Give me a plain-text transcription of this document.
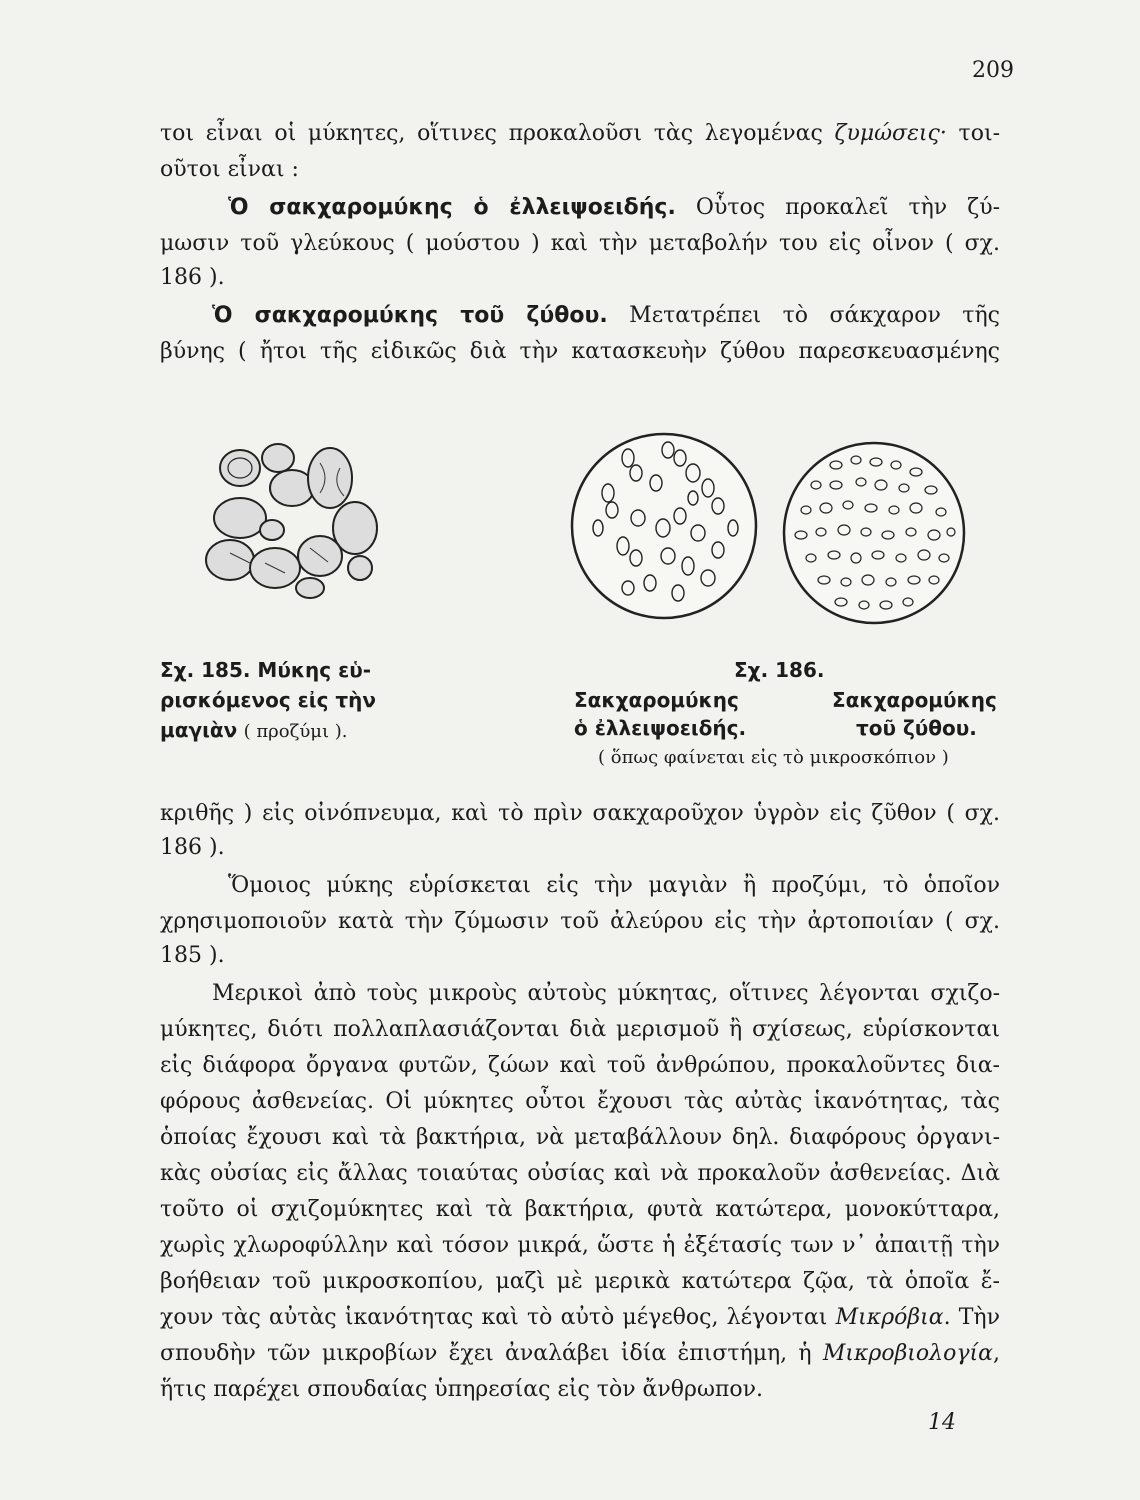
209
τοι εἶναι οἱ μύκητες, οἵτινες προκαλοῦσι τὰς λεγομένας ζυμώσεις· τοι-
οῦτοι εἶναι :
Ὁ σακχαρομύκης ὁ ἐλλειψοειδής. Οὗτος προκαλεῖ τὴν ζύ-
μωσιν τοῦ γλεύκους ( μούστου ) καὶ τὴν μεταβολήν του εἰς οἶνον ( σχ.
186 ).
Ὁ σακχαρομύκης τοῦ ζύθου. Μετατρέπει τὸ σάκχαρον τῆς
βύνης ( ἤτοι τῆς εἰδικῶς διὰ τὴν κατασκευὴν ζύθου παρεσκευασμένης
Σχ. 185. Μύκης εὑ-
ρισκόμενος εἰς τὴν
μαγιὰν ( προζύμι ).
Σχ. 186.
Σακχαρομύκης
ὁ ἐλλειψοειδής.
Σακχαρομύκης
τοῦ ζύθου.
( ὅπως φαίνεται εἰς τὸ μικροσκόπιον )
κριθῆς ) εἰς οἰνόπνευμα, καὶ τὸ πρὶν σακχαροῦχον ὑγρὸν εἰς ζῦθον ( σχ.
186 ).
Ὅμοιος μύκης εὑρίσκεται εἰς τὴν μαγιὰν ἢ προζύμι, τὸ ὁποῖον
χρησιμοποιοῦν κατὰ τὴν ζύμωσιν τοῦ ἀλεύρου εἰς τὴν ἀρτοποιίαν ( σχ.
185 ).
Μερικοὶ ἀπὸ τοὺς μικροὺς αὐτοὺς μύκητας, οἵτινες λέγονται σχιζο-
μύκητες, διότι πολλαπλασιάζονται διὰ μερισμοῦ ἢ σχίσεως, εὑρίσκονται
εἰς διάφορα ὄργανα φυτῶν, ζώων καὶ τοῦ ἀνθρώπου, προκαλοῦντες δια-
φόρους ἀσθενείας. Οἱ μύκητες οὗτοι ἔχουσι τὰς αὐτὰς ἱκανότητας, τὰς
ὁποίας ἔχουσι καὶ τὰ βακτήρια, νὰ μεταβάλλουν δηλ. διαφόρους ὀργανι-
κὰς οὐσίας εἰς ἄλλας τοιαύτας οὐσίας καὶ νὰ προκαλοῦν ἀσθενείας. Διὰ
τοῦτο οἱ σχιζομύκητες καὶ τὰ βακτήρια, φυτὰ κατώτερα, μονοκύτταρα,
χωρὶς χλωροφύλλην καὶ τόσον μικρά, ὥστε ἡ ἐξέτασίς των ν᾽ ἀπαιτῇ τὴν
βοήθειαν τοῦ μικροσκοπίου, μαζὶ μὲ μερικὰ κατώτερα ζῷα, τὰ ὁποῖα ἔ-
χουν τὰς αὐτὰς ἱκανότητας καὶ τὸ αὐτὸ μέγεθος, λέγονται Μικρόβια. Τὴν
σπουδὴν τῶν μικροβίων ἔχει ἀναλάβει ἰδία ἐπιστήμη, ἡ Μικροβιολογία,
ἥτις παρέχει σπουδαίας ὑπηρεσίας εἰς τὸν ἄνθρωπον.
14
